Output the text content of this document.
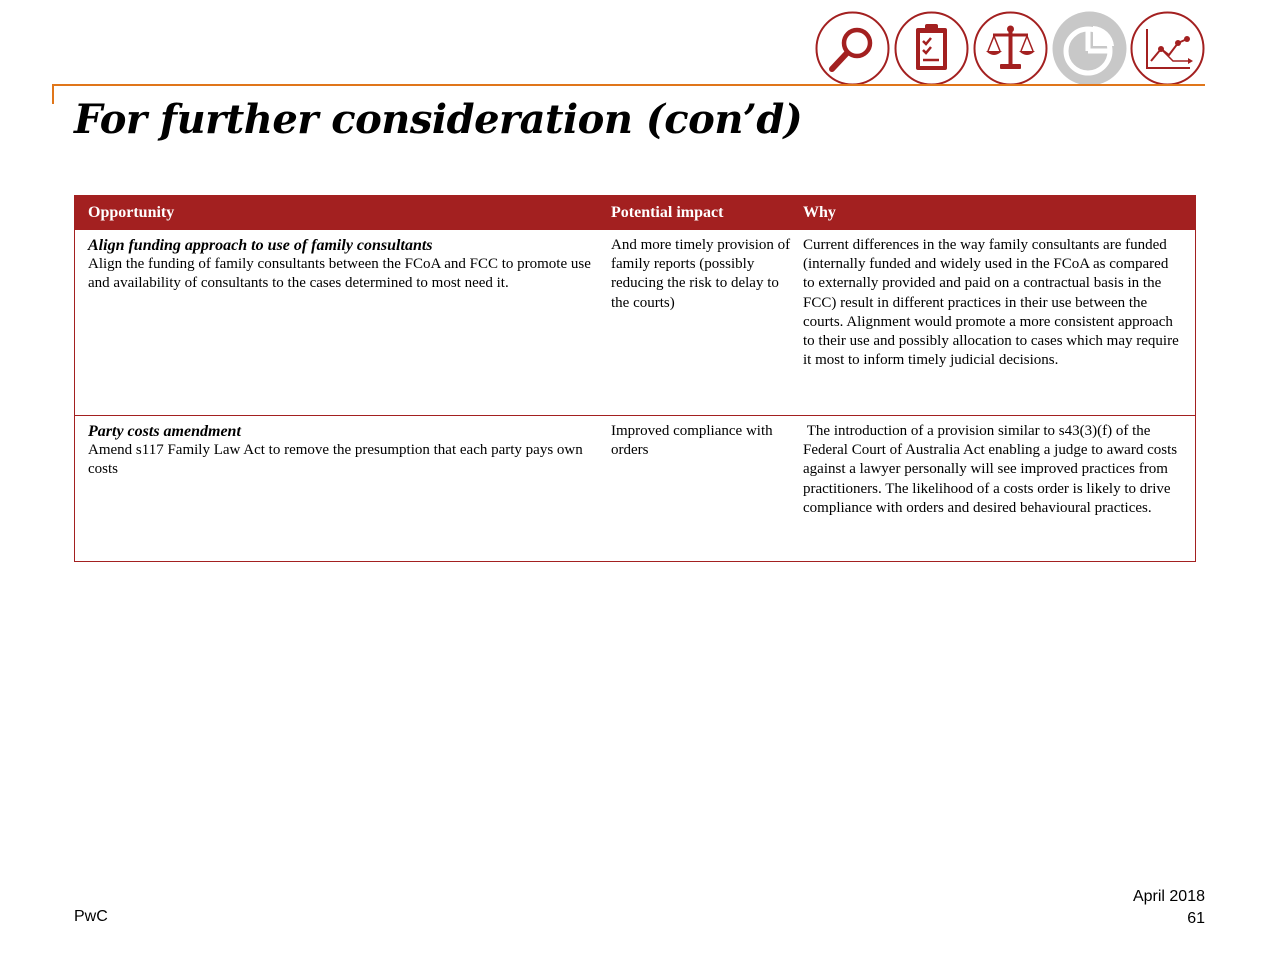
For further consideration (con’d)
Opportunity	Potential impact	Why
Align funding approach to use of family consultants
Align the funding of family consultants between the FCoA and FCC to promote use and availability of consultants to the cases determined to most need it.
And more timely provision of family reports (possibly reducing the risk to delay to the courts)
Current differences in the way family consultants are funded (internally funded and widely used in the FCoA as compared to externally provided and paid on a contractual basis in the FCC) result in different practices in their use between the courts. Alignment would promote a more consistent approach to their use and possibly allocation to cases which may require it most to inform timely judicial decisions.
Party costs amendment
Amend s117 Family Law Act to remove the presumption that each party pays own costs
Improved compliance with orders
The introduction of a provision similar to s43(3)(f) of the Federal Court of Australia Act enabling a judge to award costs against a lawyer personally will see improved practices from practitioners. The likelihood of a costs order is likely to drive compliance with orders and desired behavioural practices.
PwC
April 2018
61
